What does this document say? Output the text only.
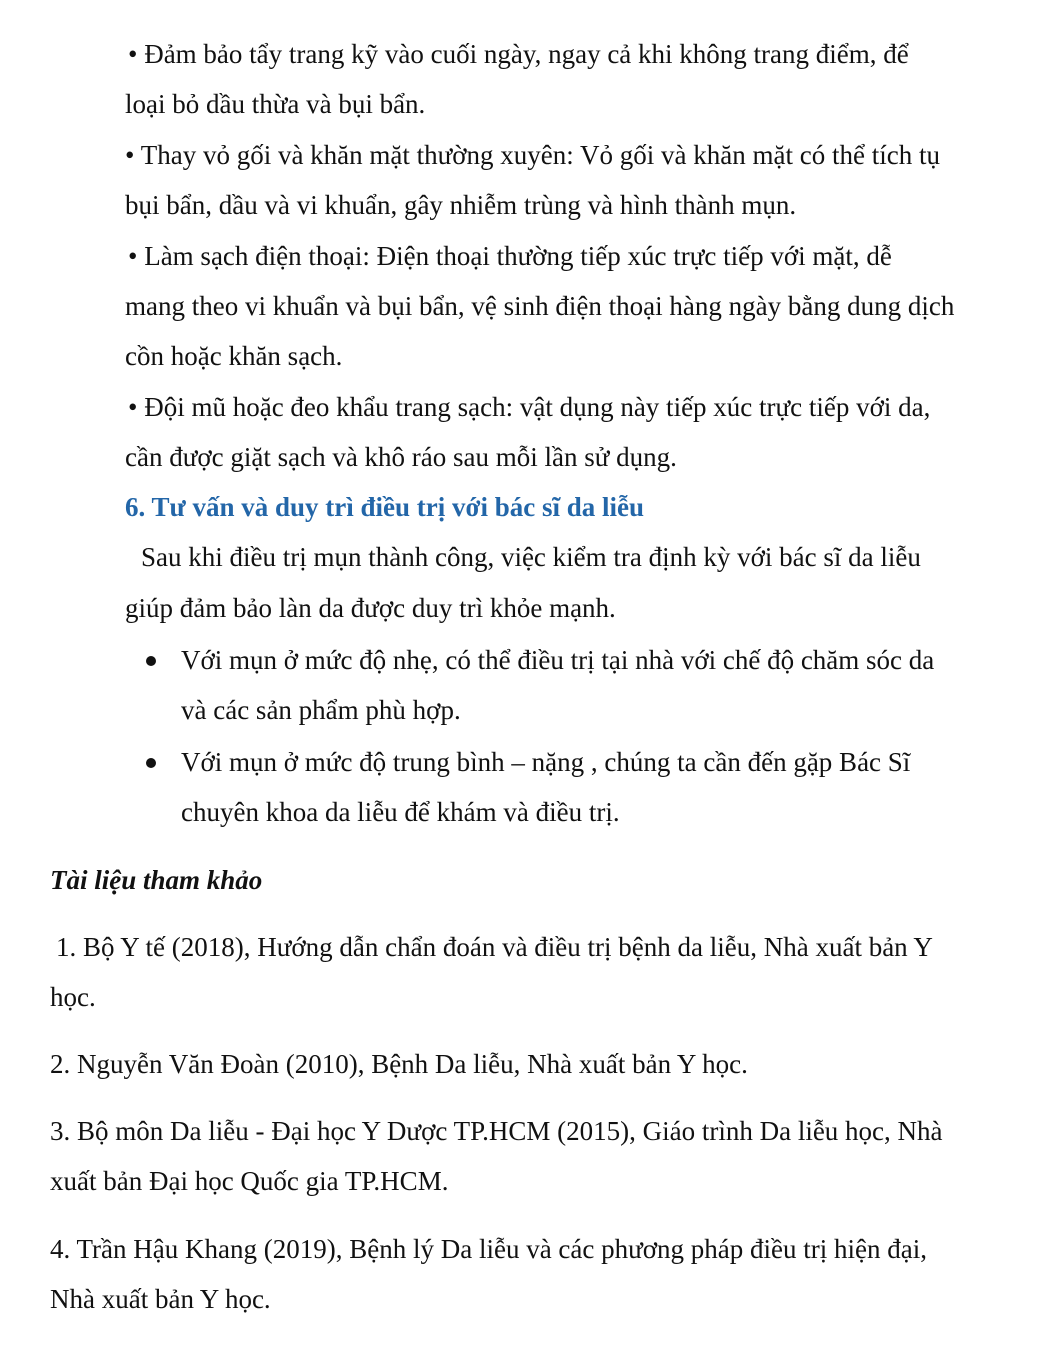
• Đảm bảo tẩy trang kỹ vào cuối ngày, ngay cả khi không trang điểm, để
loại bỏ dầu thừa và bụi bẩn.
• Thay vỏ gối và khăn mặt thường xuyên: Vỏ gối và khăn mặt có thể tích tụ
bụi bẩn, dầu và vi khuẩn, gây nhiễm trùng và hình thành mụn.
• Làm sạch điện thoại: Điện thoại thường tiếp xúc trực tiếp với mặt, dễ
mang theo vi khuẩn và bụi bẩn, vệ sinh điện thoại hàng ngày bằng dung dịch
cồn hoặc khăn sạch.
• Đội mũ hoặc đeo khẩu trang sạch: vật dụng này tiếp xúc trực tiếp với da,
cần được giặt sạch và khô ráo sau mỗi lần sử dụng.
6. Tư vấn và duy trì điều trị với bác sĩ da liễu
Sau khi điều trị mụn thành công, việc kiểm tra định kỳ với bác sĩ da liễu
giúp đảm bảo làn da được duy trì khỏe mạnh.
Với mụn ở mức độ nhẹ, có thể điều trị tại nhà với chế độ chăm sóc da
và các sản phẩm phù hợp.
Với mụn ở mức độ trung bình – nặng , chúng ta cần đến gặp Bác Sĩ
chuyên khoa da liễu để khám và điều trị.
Tài liệu tham khảo
1. Bộ Y tế (2018), Hướng dẫn chẩn đoán và điều trị bệnh da liễu, Nhà xuất bản Y
học.
2. Nguyễn Văn Đoàn (2010), Bệnh Da liễu, Nhà xuất bản Y học.
3. Bộ môn Da liễu - Đại học Y Dược TP.HCM (2015), Giáo trình Da liễu học, Nhà
xuất bản Đại học Quốc gia TP.HCM.
4. Trần Hậu Khang (2019), Bệnh lý Da liễu và các phương pháp điều trị hiện đại,
Nhà xuất bản Y học.
